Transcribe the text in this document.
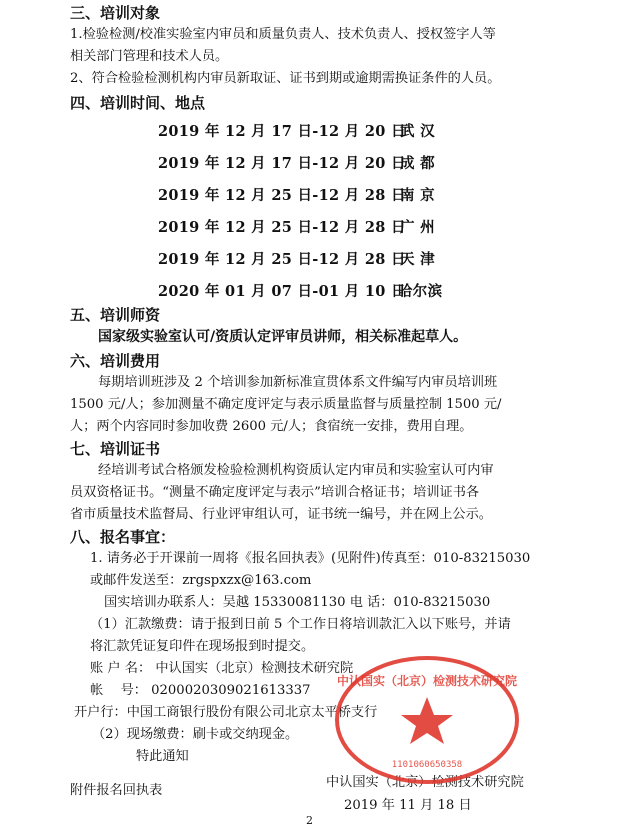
三、培训对象
1.检验检测/校准实验室内审员和质量负责人、技术负责人、授权签字人等
相关部门管理和技术人员。
2、符合检验检测机构内审员新取证、证书到期或逾期需换证条件的人员。
四、培训时间、地点
2019 年 12 月 17 日-12 月 20 日
武 汉
2019 年 12 月 17 日-12 月 20 日
成 都
2019 年 12 月 25 日-12 月 28 日
南 京
2019 年 12 月 25 日-12 月 28 日
广 州
2019 年 12 月 25 日-12 月 28 日
天 津
2020 年 01 月 07 日-01 月 10 日
哈尔滨
五、培训师资
国家级实验室认可/资质认定评审员讲师，相关标准起草人。
六、培训费用
每期培训班涉及 2 个培训参加新标准宣贯体系文件编写内审员培训班
1500 元/人；参加测量不确定度评定与表示质量监督与质量控制 1500 元/
人；两个内容同时参加收费 2600 元/人；食宿统一安排，费用自理。
七、培训证书
经培训考试合格颁发检验检测机构资质认定内审员和实验室认可内审
员双资格证书。“测量不确定度评定与表示”培训合格证书；培训证书各
省市质量技术监督局、行业评审组认可，证书统一编号，并在网上公示。
八、报名事宜：
1. 请务必于开课前一周将《报名回执表》(见附件)传真至：010-83215030
或邮件发送至：zrgspxzx@163.com
国实培训办联系人：吴越 15330081130 电 话：010-83215030
（1）汇款缴费：请于报到日前 5 个工作日将培训款汇入以下账号，并请
将汇款凭证复印件在现场报到时提交。
账 户 名： 中认国实（北京）检测技术研究院
帐　 号： 0200020309021613337
开户行：中国工商银行股份有限公司北京太平桥支行
（2）现场缴费：刷卡或交纳现金。
特此通知
中认国实（北京）检测技术研究院
2019 年 11 月 18 日
中认国实（北京）检测技术研究院
1101060650358
附件报名回执表
2
